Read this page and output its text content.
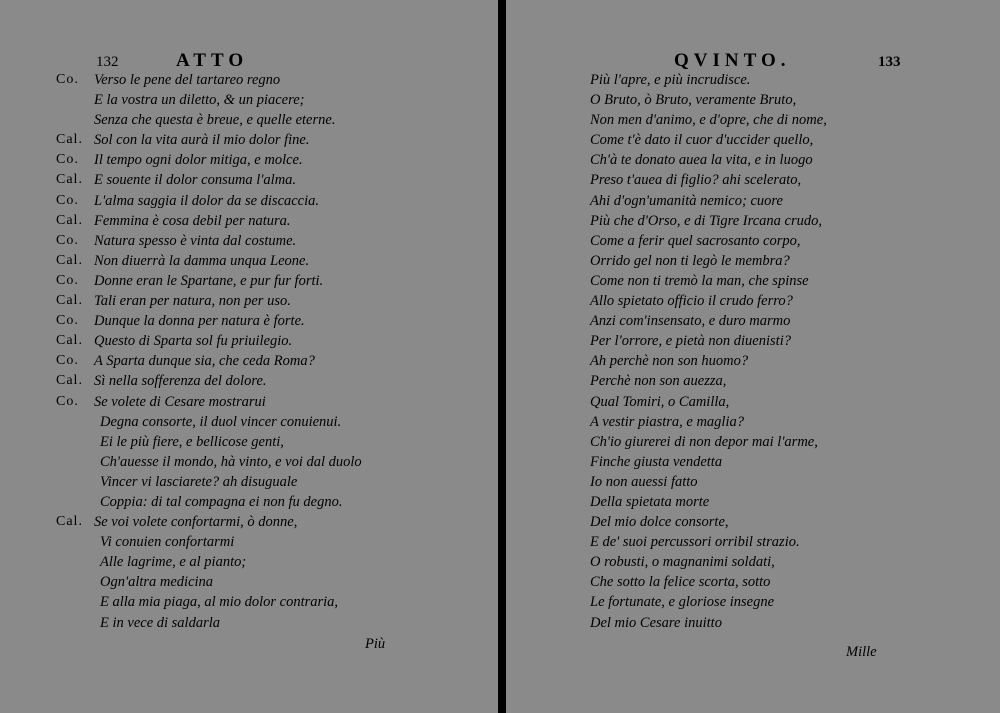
132	ATTO
Co. Verso le pene del tartareo regno
E la vostra un diletto, & un piacere;
Senza che questa è breue, e quelle eterne.
Cal. Sol con la vita aurà il mio dolor fine.
Co. Il tempo ogni dolor mitiga, e molce.
Cal. E souente il dolor consuma l'alma.
Co. L'alma saggia il dolor da se discaccia.
Cal. Femmina è cosa debil per natura.
Co. Natura spesso è vinta dal costume.
Cal. Non diuerrà la damma unqua Leone.
Co. Donne eran le Spartane, e pur fur forti.
Cal. Tali eran per natura, non per uso.
Co. Dunque la donna per natura è forte.
Cal. Questo di Sparta sol fu priuilegio.
Co. A Sparta dunque sia, che ceda Roma?
Cal. Sì nella sofferenza del dolore.
Co. Se volete di Cesare mostrarui
Degna consorte, il duol vincer conuienui.
Ei le più fiere, e bellicose genti,
Ch'auesse il mondo, hà vinto, e voi dal duolo
Vincer vi lasciarete? ah disuguale
Coppia: di tal compagna ei non fu degno.
Cal. Se voi volete confortarmi, ò donne,
Vi conuien confortarmi
Alle lagrime, e al pianto;
Ogn'altra medicina
E alla mia piaga, al mio dolor contraria,
E in vece di saldarla
Più
QVINTO.	133
Più l'apre, e più incrudisce.
O Bruto, ò Bruto, veramente Bruto,
Non men d'animo, e d'opre, che di nome,
Come t'è dato il cuor d'uccider quello,
Ch'à te donato auea la vita, e in luogo
Preso t'auea di figlio? ahi scelerato,
Ahi d'ogn'umanità nemico; cuore
Più che d'Orso, e di Tigre Ircana crudo,
Come a ferir quel sacrosanto corpo,
Orrido gel non ti legò le membra?
Come non ti tremò la man, che spinse
Allo spietato officio il crudo ferro?
Anzi com'insensato, e duro marmo
Per l'orrore, e pietà non diuenisti?
Ah perchè non son huomo?
Perchè non son auezza,
Qual Tomiri, o Camilla,
A vestir piastra, e maglia?
Ch'io giurerei di non depor mai l'arme,
Finche giusta vendetta
Io non auessi fatto
Della spietata morte
Del mio dolce consorte,
E de' suoi percussori orribil strazio.
O robusti, o magnanimi soldati,
Che sotto la felice scorta, sotto
Le fortunate, e gloriose insegne
Del mio Cesare inuitto
Mille
